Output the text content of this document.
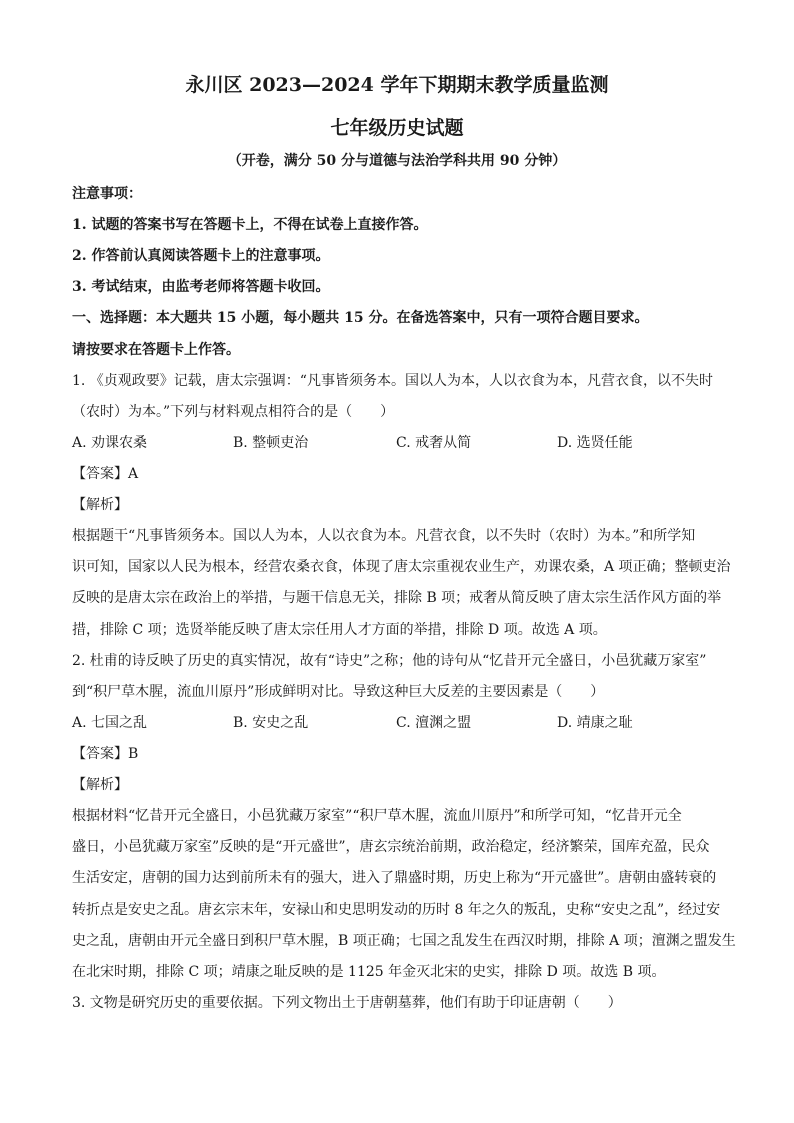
永川区 2023—2024 学年下期期末教学质量监测
七年级历史试题
（开卷，满分 50 分与道德与法治学科共用 90 分钟）
注意事项：
1. 试题的答案书写在答题卡上，不得在试卷上直接作答。
2. 作答前认真阅读答题卡上的注意事项。
3. 考试结束，由监考老师将答题卡收回。
一、选择题：本大题共 15 小题，每小题共 15 分。在备选答案中，只有一项符合题目要求。
请按要求在答题卡上作答。
1. 《贞观政要》记载，唐太宗强调：“凡事皆须务本。国以人为本，人以衣食为本，凡营衣食，以不失时
（农时）为本。”下列与材料观点相符合的是（　　）
A. 劝课农桑	B. 整顿吏治	C. 戒奢从简	D. 选贤任能
【答案】A
【解析】
根据题干“凡事皆须务本。国以人为本，人以衣食为本。凡营衣食，以不失时（农时）为本。”和所学知
识可知，国家以人民为根本，经营农桑衣食，体现了唐太宗重视农业生产，劝课农桑，A 项正确；整顿吏治
反映的是唐太宗在政治上的举措，与题干信息无关，排除 B 项；戒奢从简反映了唐太宗生活作风方面的举
措，排除 C 项；选贤举能反映了唐太宗任用人才方面的举措，排除 D 项。故选 A 项。
2. 杜甫的诗反映了历史的真实情况，故有“诗史”之称；他的诗句从“忆昔开元全盛日，小邑犹藏万家室”
到“积尸草木腥，流血川原丹”形成鲜明对比。导致这种巨大反差的主要因素是（　　）
A. 七国之乱	B. 安史之乱	C. 澶渊之盟	D. 靖康之耻
【答案】B
【解析】
根据材料“忆昔开元全盛日，小邑犹藏万家室”“积尸草木腥，流血川原丹”和所学可知，“忆昔开元全
盛日，小邑犹藏万家室”反映的是“开元盛世”，唐玄宗统治前期，政治稳定，经济繁荣，国库充盈，民众
生活安定，唐朝的国力达到前所未有的强大，进入了鼎盛时期，历史上称为“开元盛世”。唐朝由盛转衰的
转折点是安史之乱。唐玄宗末年，安禄山和史思明发动的历时 8 年之久的叛乱，史称“安史之乱”，经过安
史之乱，唐朝由开元全盛日到积尸草木腥，B 项正确；七国之乱发生在西汉时期，排除 A 项；澶渊之盟发生
在北宋时期，排除 C 项；靖康之耻反映的是 1125 年金灭北宋的史实，排除 D 项。故选 B 项。
3. 文物是研究历史的重要依据。下列文物出土于唐朝墓葬，他们有助于印证唐朝（　　）
